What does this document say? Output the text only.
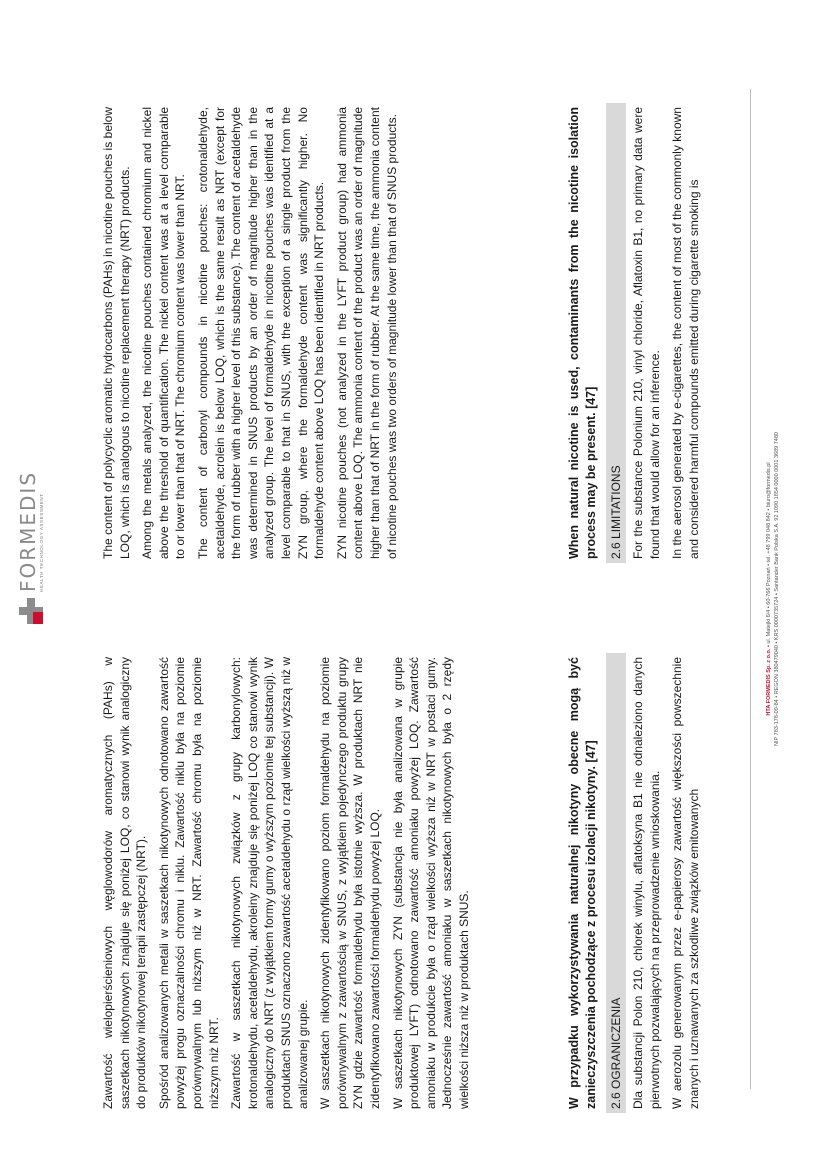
FORMEDIS HEALTH TECHNOLOGY ASSESSMENT

Zawartość wielopierścieniowych węglowodorów aromatycznych (PAHs) w saszetkach nikotynowych znajduje się poniżej LOQ, co stanowi wynik analogiczny do produktów nikotynowej terapii zastępczej (NRT). Spośród analizowanych metali w saszetkach nikotynowych odnotowano zawartość powyżej progu oznaczalności chromu i niklu. Zawartość niklu była na poziomie porównywalnym lub niższym niż w NRT. Zawartość chromu była na poziomie niższym niż NRT. Zawartość w saszetkach nikotynowych związków z grupy karbonylowych: krotonaldehydu, acetaldehydu, akroleiny znajduje się poniżej LOQ co stanowi wynik analogiczny do NRT (z wyjątkiem formy gumy o wyższym poziomie tej substancji). W produktach SNUS oznaczono zawartość acetaldehydu o rząd wielkości wyższą niż w analizowanej grupie. W saszetkach nikotynowych zidentyfikowano poziom formaldehydu na poziomie porównywalnym z zawartością w SNUS, z wyjątkiem pojedynczego produktu grupy ZYN gdzie zawartość formaldehydu była istotnie wyższa. W produktach NRT nie zidentyfikowano zawartości formaldehydu powyżej LOQ. W saszetkach nikotynowych ZYN (substancja nie była analizowana w grupie produktowej LYFT) odnotowano zawartość amoniaku powyżej LOQ. Zawartość amoniaku w produkcie była o rząd wielkości wyższa niż w NRT w postaci gumy. Jednocześnie zawartość amoniaku w saszetkach nikotynowych była o 2 rzędy wielkości niższa niż w produktach SNUS.	W przypadku wykorzystywania naturalnej nikotyny obecne mogą być zanieczyszczenia pochodzące z procesu izolacji nikotyny. [47] 2.6 OGRANICZENIA Dla substancji Polon 210, chlorek winylu, aflatoksyna B1 nie odnaleziono danych pierwotnych pozwalających na przeprowadzenie wnioskowania. W aerozolu generowanym przez e-papierosy zawartość większości powszechnie znanych i uznawanych za szkodliwe związków emitowanych

The content of polycyclic aromatic hydrocarbons (PAHs) in nicotine pouches is below LOQ, which is analogous to nicotine replacement therapy (NRT) products. Among the metals analyzed, the nicotine pouches contained chromium and nickel above the threshold of quantification. The nickel content was at a level comparable to or lower than that of NRT. The chromium content was lower than NRT. The content of carbonyl compounds in nicotine pouches: crotonaldehyde, acetaldehyde, acrolein is below LOQ, which is the same result as NRT (except for the form of rubber with a higher level of this substance). The content of acetaldehyde was determined in SNUS products by an order of magnitude higher than in the analyzed group. The level of formaldehyde in nicotine pouches was identified at a level comparable to that in SNUS, with the exception of a single product from the ZYN group, where the formaldehyde content was significantly higher. No formaldehyde content above LOQ has been identified in NRT products. ZYN nicotine pouches (not analyzed in the LYFT product group) had ammonia content above LOQ. The ammonia content of the product was an order of magnitude higher than that of NRT in the form of rubber. At the same time, the ammonia content of nicotine pouches was two orders of magnitude lower than that of SNUS products.	When natural nicotine is used, contaminants from the nicotine isolation process may be present. [47] 2.6 LIMITATIONS For the substance Polonium 210, vinyl chloride, Aflatoxin B1, no primary data were found that would allow for an inference. In the aerosol generated by e-cigarettes, the content of most of the commonly known and considered harmful compounds emitted during cigarette smoking is

HTA FORMEDIS Sp. z o.o. • ul. Matejki 6/4 • 60-766 Poznań • tel. +48 799 048 842 • biuro@formedis.pl NIP 783-178-09-84 • REGON 380479040 • KRS 0000735724 • Santander Bank Polska S.A. 92 1090 1854 0000 0001 3689 7480
